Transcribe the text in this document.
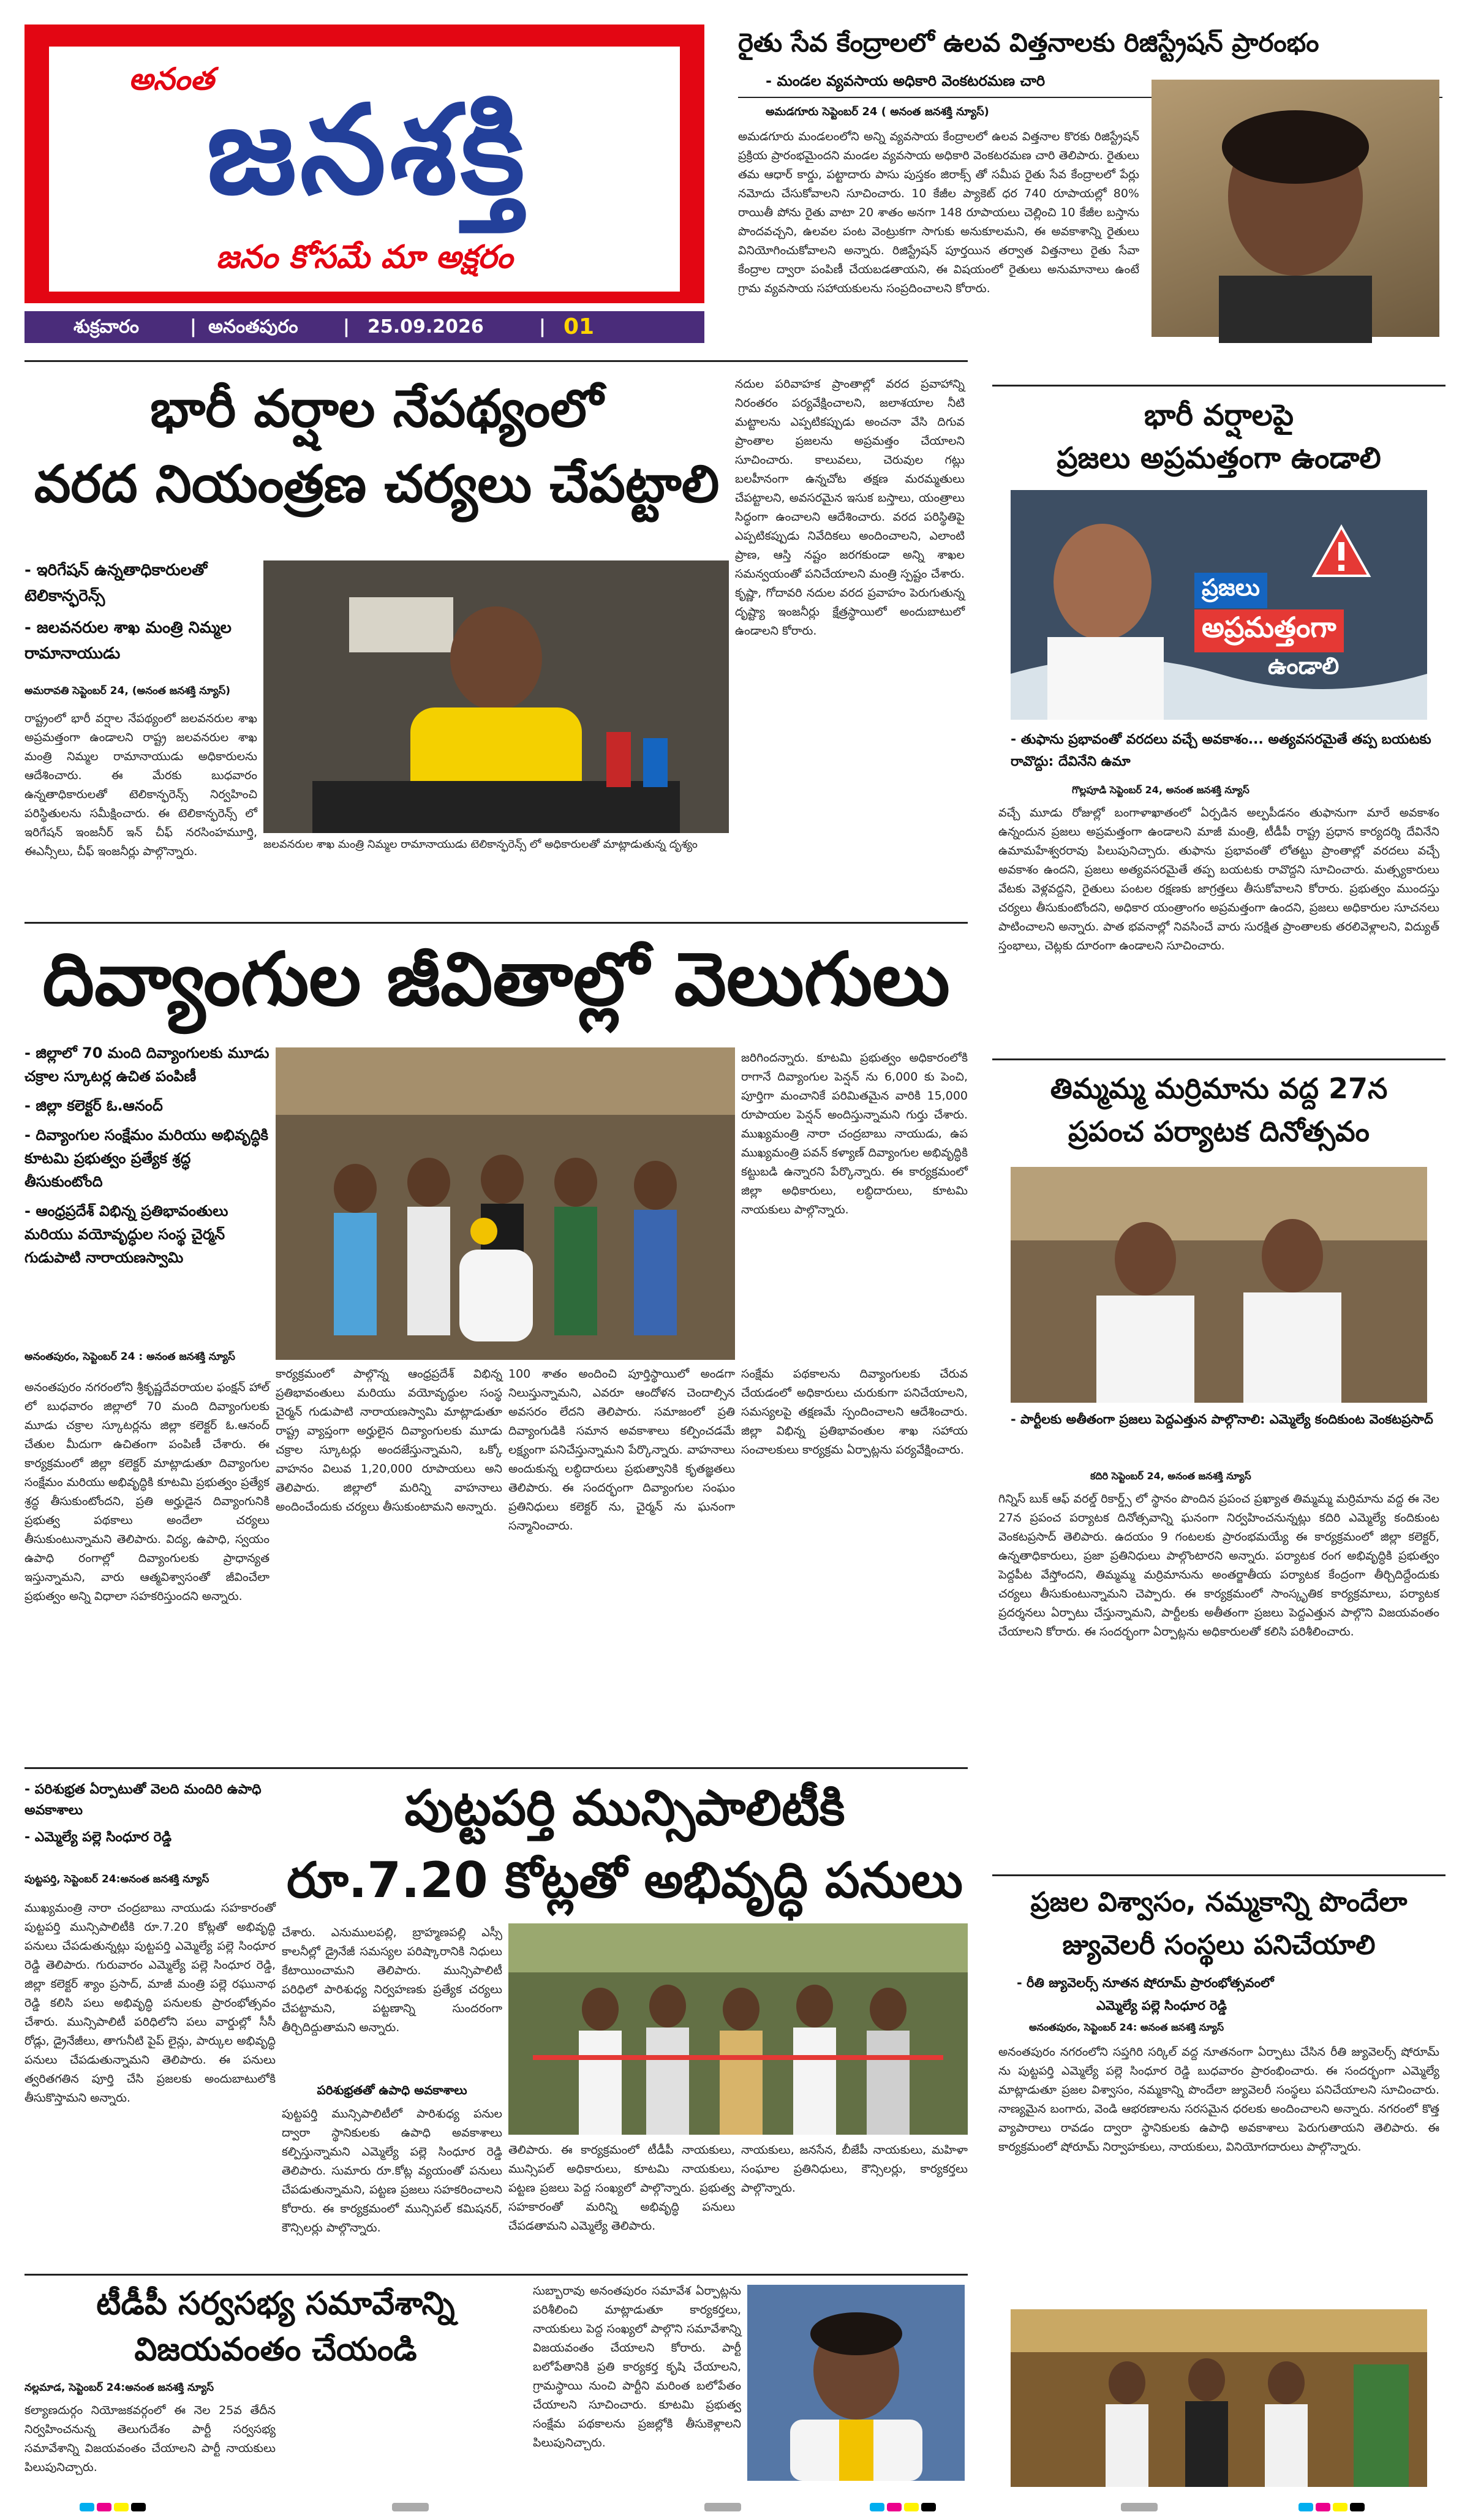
అనంత
జనశక్తి
జనం కోసమే మా అక్షరం
శుక్రవారం	| అనంతపురం | 25.09.2026	| 01
రైతు సేవ కేంద్రాలలో ఉలవ విత్తనాలకు రిజిస్ట్రేషన్ ప్రారంభం
- మండల వ్యవసాయ అధికారి వెంకటరమణ చారి
అమడగూరు సెప్టెంబర్ 24 ( అనంత జనశక్తి న్యూస్)
అమడగూరు మండలంలోని అన్ని వ్యవసాయ కేంద్రాలలో ఉలవ విత్తనాల కొరకు రిజిస్ట్రేషన్ ప్రక్రియ ప్రారంభమైందని మండల వ్యవసాయ అధికారి వెంకటరమణ చారి తెలిపారు. రైతులు తమ ఆధార్ కార్డు, పట్టాదారు పాసు పుస్తకం జిరాక్స్ తో సమీప రైతు సేవ కేంద్రాలలో పేర్లు నమోదు చేసుకోవాలని సూచించారు. 10 కేజీల ప్యాకెట్ ధర 740 రూపాయల్లో 80% రాయితీ పోను రైతు వాటా 20 శాతం అనగా 148 రూపాయలు చెల్లించి 10 కేజీల బస్తాను పొందవచ్చని, ఉలవల పంట వెంట్రుకగా సాగుకు అనుకూలమని, ఈ అవకాశాన్ని రైతులు వినియోగించుకోవాలని అన్నారు. రిజిస్ట్రేషన్ పూర్తయిన తర్వాత విత్తనాలు రైతు సేవా కేంద్రాల ద్వారా పంపిణీ చేయబడతాయని, ఈ విషయంలో రైతులు అనుమానాలు ఉంటే గ్రామ వ్యవసాయ సహాయకులను సంప్రదించాలని కోరారు.
భారీ వర్షాల నేపథ్యంలో
వరద నియంత్రణ చర్యలు చేపట్టాలి
- ఇరిగేషన్ ఉన్నతాధికారులతో టెలికాన్ఫరెన్స్
- జలవనరుల శాఖ మంత్రి నిమ్మల రామానాయుడు
అమరావతి సెప్టెంబర్ 24, (అనంత జనశక్తి న్యూస్)
రాష్ట్రంలో భారీ వర్షాల నేపథ్యంలో జలవనరుల శాఖ అప్రమత్తంగా ఉండాలని రాష్ట్ర జలవనరుల శాఖ మంత్రి నిమ్మల రామానాయుడు అధికారులను ఆదేశించారు. ఈ మేరకు బుధవారం ఉన్నతాధికారులతో టెలికాన్ఫరెన్స్ నిర్వహించి పరిస్థితులను సమీక్షించారు. ఈ టెలికాన్ఫరెన్స్ లో ఇరిగేషన్ ఇంజనీర్ ఇన్ చీఫ్ నరసింహమూర్తి, ఈఎన్సీలు, చీఫ్ ఇంజనీర్లు పాల్గొన్నారు.
జలవనరుల శాఖ మంత్రి నిమ్మల రామానాయుడు టెలికాన్ఫరెన్స్ లో అధికారులతో మాట్లాడుతున్న దృశ్యం
నదుల పరివాహక ప్రాంతాల్లో వరద ప్రవాహాన్ని నిరంతరం పర్యవేక్షించాలని, జలాశయాల నీటి మట్టాలను ఎప్పటికప్పుడు అంచనా వేసి దిగువ ప్రాంతాల ప్రజలను అప్రమత్తం చేయాలని సూచించారు. కాలువలు, చెరువుల గట్లు బలహీనంగా ఉన్నచోట తక్షణ మరమ్మతులు చేపట్టాలని, అవసరమైన ఇసుక బస్తాలు, యంత్రాలు సిద్ధంగా ఉంచాలని ఆదేశించారు. వరద పరిస్థితిపై ఎప్పటికప్పుడు నివేదికలు అందించాలని, ఎలాంటి ప్రాణ, ఆస్తి నష్టం జరగకుండా అన్ని శాఖల సమన్వయంతో పనిచేయాలని మంత్రి స్పష్టం చేశారు. కృష్ణా, గోదావరి నదుల వరద ప్రవాహం పెరుగుతున్న దృష్ట్యా ఇంజనీర్లు క్షేత్రస్థాయిలో అందుబాటులో ఉండాలని కోరారు.
దివ్యాంగుల జీవితాల్లో వెలుగులు
- జిల్లాలో 70 మంది దివ్యాంగులకు మూడు చక్రాల స్కూటర్ల ఉచిత పంపిణీ
- జిల్లా కలెక్టర్ ఓ.ఆనంద్
- దివ్యాంగుల సంక్షేమం మరియు అభివృద్ధికి కూటమి ప్రభుత్వం ప్రత్యేక శ్రద్ధ తీసుకుంటోంది
- ఆంధ్రప్రదేశ్ విభిన్న ప్రతిభావంతులు మరియు వయోవృద్ధుల సంస్థ చైర్మన్ గుడుపాటి నారాయణస్వామి
అనంతపురం, సెప్టెంబర్ 24 : అనంత జనశక్తి న్యూస్
అనంతపురం నగరంలోని శ్రీకృష్ణదేవరాయల ఫంక్షన్ హాల్ లో బుధవారం జిల్లాలో 70 మంది దివ్యాంగులకు మూడు చక్రాల స్కూటర్లను జిల్లా కలెక్టర్ ఓ.ఆనంద్ చేతుల మీదుగా ఉచితంగా పంపిణీ చేశారు. ఈ కార్యక్రమంలో జిల్లా కలెక్టర్ మాట్లాడుతూ దివ్యాంగుల సంక్షేమం మరియు అభివృద్ధికి కూటమి ప్రభుత్వం ప్రత్యేక శ్రద్ధ తీసుకుంటోందని, ప్రతి అర్హుడైన దివ్యాంగునికి ప్రభుత్వ పథకాలు అందేలా చర్యలు తీసుకుంటున్నామని తెలిపారు. విద్య, ఉపాధి, స్వయం ఉపాధి రంగాల్లో దివ్యాంగులకు ప్రాధాన్యత ఇస్తున్నామని, వారు ఆత్మవిశ్వాసంతో జీవించేలా ప్రభుత్వం అన్ని విధాలా సహకరిస్తుందని అన్నారు.
కార్యక్రమంలో పాల్గొన్న ఆంధ్రప్రదేశ్ విభిన్న ప్రతిభావంతులు మరియు వయోవృద్ధుల సంస్థ చైర్మన్ గుడుపాటి నారాయణస్వామి మాట్లాడుతూ రాష్ట్ర వ్యాప్తంగా అర్హులైన దివ్యాంగులకు మూడు చక్రాల స్కూటర్లు అందజేస్తున్నామని, ఒక్కో వాహనం విలువ 1,20,000 రూపాయలు అని తెలిపారు. జిల్లాలో మరిన్ని వాహనాలు అందించేందుకు చర్యలు తీసుకుంటామని అన్నారు.
జరిగిందన్నారు. కూటమి ప్రభుత్వం అధికారంలోకి రాగానే దివ్యాంగుల పెన్షన్ ను 6,000 కు పెంచి, పూర్తిగా మంచానికే పరిమితమైన వారికి 15,000 రూపాయల పెన్షన్ అందిస్తున్నామని గుర్తు చేశారు. ముఖ్యమంత్రి నారా చంద్రబాబు నాయుడు, ఉప ముఖ్యమంత్రి పవన్ కళ్యాణ్ దివ్యాంగుల అభివృద్ధికి కట్టుబడి ఉన్నారని పేర్కొన్నారు. ఈ కార్యక్రమంలో జిల్లా అధికారులు, లబ్ధిదారులు, కూటమి నాయకులు పాల్గొన్నారు.
100 శాతం అందించి పూర్తిస్థాయిలో అండగా నిలుస్తున్నామని, ఎవరూ ఆందోళన చెందాల్సిన అవసరం లేదని తెలిపారు. సమాజంలో ప్రతి దివ్యాంగుడికి సమాన అవకాశాలు కల్పించడమే లక్ష్యంగా పనిచేస్తున్నామని పేర్కొన్నారు. వాహనాలు అందుకున్న లబ్ధిదారులు ప్రభుత్వానికి కృతజ్ఞతలు తెలిపారు. ఈ సందర్భంగా దివ్యాంగుల సంఘం ప్రతినిధులు కలెక్టర్ ను, చైర్మన్ ను ఘనంగా సన్మానించారు.
సంక్షేమ పథకాలను దివ్యాంగులకు చేరువ చేయడంలో అధికారులు చురుకుగా పనిచేయాలని, సమస్యలపై తక్షణమే స్పందించాలని ఆదేశించారు. జిల్లా విభిన్న ప్రతిభావంతుల శాఖ సహాయ సంచాలకులు కార్యక్రమ ఏర్పాట్లను పర్యవేక్షించారు.
- పరిశుభ్రత ఏర్పాటుతో వెలది మందిరి ఉపాధి అవకాశాలు
- ఎమ్మెల్యే పల్లె సింధూర రెడ్డి
పుట్టపర్తి మున్సిపాలిటీకి
రూ.7.20 కోట్లతో అభివృద్ధి పనులు
పుట్టపర్తి, సెప్టెంబర్ 24:అనంత జనశక్తి న్యూస్
ముఖ్యమంత్రి నారా చంద్రబాబు నాయుడు సహకారంతో పుట్టపర్తి మున్సిపాలిటీకి రూ.7.20 కోట్లతో అభివృద్ధి పనులు చేపడుతున్నట్లు పుట్టపర్తి ఎమ్మెల్యే పల్లె సింధూర రెడ్డి తెలిపారు. గురువారం ఎమ్మెల్యే పల్లె సింధూర రెడ్డి, జిల్లా కలెక్టర్ శ్యాం ప్రసాద్, మాజీ మంత్రి పల్లె రఘునాథ రెడ్డి కలిసి పలు అభివృద్ధి పనులకు ప్రారంభోత్సవం చేశారు. మున్సిపాలిటీ పరిధిలోని పలు వార్డుల్లో సీసీ రోడ్లు, డ్రైనేజీలు, తాగునీటి పైప్ లైన్లు, పార్కుల అభివృద్ధి పనులు చేపడుతున్నామని తెలిపారు. ఈ పనులు త్వరితగతిన పూర్తి చేసి ప్రజలకు అందుబాటులోకి తీసుకొస్తామని అన్నారు.
చేశారు. ఎనుములపల్లి, బ్రాహ్మణపల్లి ఎస్సీ కాలనీల్లో డ్రైనేజీ సమస్యల పరిష్కారానికి నిధులు కేటాయించామని తెలిపారు. మున్సిపాలిటీ పరిధిలో పారిశుధ్య నిర్వహణకు ప్రత్యేక చర్యలు చేపట్టామని, పట్టణాన్ని సుందరంగా తీర్చిదిద్దుతామని అన్నారు.
పరిశుభ్రతతో ఉపాధి అవకాశాలు
పుట్టపర్తి మున్సిపాలిటీలో పారిశుధ్య పనుల ద్వారా స్థానికులకు ఉపాధి అవకాశాలు కల్పిస్తున్నామని ఎమ్మెల్యే పల్లె సింధూర రెడ్డి తెలిపారు. సుమారు రూ.కోట్ల వ్యయంతో పనులు చేపడుతున్నామని, పట్టణ ప్రజలు సహకరించాలని కోరారు. ఈ కార్యక్రమంలో మున్సిపల్ కమిషనర్, కౌన్సిలర్లు పాల్గొన్నారు.
తెలిపారు. ఈ కార్యక్రమంలో టీడీపీ నాయకులు, మున్సిపల్ అధికారులు, కూటమి నాయకులు, పట్టణ ప్రజలు పెద్ద సంఖ్యలో పాల్గొన్నారు. ప్రభుత్వ సహకారంతో మరిన్ని అభివృద్ధి పనులు చేపడతామని ఎమ్మెల్యే తెలిపారు.
నాయకులు, జనసేన, బీజేపీ నాయకులు, మహిళా సంఘాల ప్రతినిధులు, కౌన్సిలర్లు, కార్యకర్తలు పాల్గొన్నారు.
టీడీపీ సర్వసభ్య సమావేశాన్ని
విజయవంతం చేయండి
నల్లమాడ, సెప్టెంబర్ 24:అనంత జనశక్తి న్యూస్
కల్యాణదుర్గం నియోజకవర్గంలో ఈ నెల 25వ తేదీన నిర్వహించనున్న తెలుగుదేశం పార్టీ సర్వసభ్య సమావేశాన్ని విజయవంతం చేయాలని పార్టీ నాయకులు పిలుపునిచ్చారు.
సుబ్బారావు అనంతపురం సమావేశ ఏర్పాట్లను పరిశీలించి మాట్లాడుతూ కార్యకర్తలు, నాయకులు పెద్ద సంఖ్యలో పాల్గొని సమావేశాన్ని విజయవంతం చేయాలని కోరారు. పార్టీ బలోపేతానికి ప్రతి కార్యకర్త కృషి చేయాలని, గ్రామస్థాయి నుంచి పార్టీని మరింత బలోపేతం చేయాలని సూచించారు. కూటమి ప్రభుత్వ సంక్షేమ పథకాలను ప్రజల్లోకి తీసుకెళ్లాలని పిలుపునిచ్చారు.
భారీ వర్షాలపై
ప్రజలు అప్రమత్తంగా ఉండాలి
ప్రజలు
అప్రమత్తంగా
ఉండాలి
- తుఫాను ప్రభావంతో వరదలు వచ్చే అవకాశం... అత్యవసరమైతే తప్ప బయటకు రావొద్దు: దేవినేని ఉమా
గొల్లపూడి సెప్టెంబర్ 24, అనంత జనశక్తి న్యూస్
వచ్చే మూడు రోజుల్లో బంగాళాఖాతంలో ఏర్పడిన అల్పపీడనం తుఫానుగా మారే అవకాశం ఉన్నందున ప్రజలు అప్రమత్తంగా ఉండాలని మాజీ మంత్రి, టీడీపీ రాష్ట్ర ప్రధాన కార్యదర్శి దేవినేని ఉమామహేశ్వరరావు పిలుపునిచ్చారు. తుఫాను ప్రభావంతో లోతట్టు ప్రాంతాల్లో వరదలు వచ్చే అవకాశం ఉందని, ప్రజలు అత్యవసరమైతే తప్ప బయటకు రావొద్దని సూచించారు. మత్స్యకారులు వేటకు వెళ్లవద్దని, రైతులు పంటల రక్షణకు జాగ్రత్తలు తీసుకోవాలని కోరారు. ప్రభుత్వం ముందస్తు చర్యలు తీసుకుంటోందని, అధికార యంత్రాంగం అప్రమత్తంగా ఉందని, ప్రజలు అధికారుల సూచనలు పాటించాలని అన్నారు. పాత భవనాల్లో నివసించే వారు సురక్షిత ప్రాంతాలకు తరలివెళ్లాలని, విద్యుత్ స్తంభాలు, చెట్లకు దూరంగా ఉండాలని సూచించారు.
తిమ్మమ్మ మర్రిమాను వద్ద 27న
ప్రపంచ పర్యాటక దినోత్సవం
- పార్టీలకు అతీతంగా ప్రజలు పెద్దఎత్తున పాల్గొనాలి: ఎమ్మెల్యే కందికుంట వెంకటప్రసాద్
కదిరి సెప్టెంబర్ 24, అనంత జనశక్తి న్యూస్
గిన్నిస్ బుక్ ఆఫ్ వరల్డ్ రికార్డ్స్ లో స్థానం పొందిన ప్రపంచ ప్రఖ్యాత తిమ్మమ్మ మర్రిమాను వద్ద ఈ నెల 27న ప్రపంచ పర్యాటక దినోత్సవాన్ని ఘనంగా నిర్వహించనున్నట్లు కదిరి ఎమ్మెల్యే కందికుంట వెంకటప్రసాద్ తెలిపారు. ఉదయం 9 గంటలకు ప్రారంభమయ్యే ఈ కార్యక్రమంలో జిల్లా కలెక్టర్, ఉన్నతాధికారులు, ప్రజా ప్రతినిధులు పాల్గొంటారని అన్నారు. పర్యాటక రంగ అభివృద్ధికి ప్రభుత్వం పెద్దపీట వేస్తోందని, తిమ్మమ్మ మర్రిమానును అంతర్జాతీయ పర్యాటక కేంద్రంగా తీర్చిదిద్దేందుకు చర్యలు తీసుకుంటున్నామని చెప్పారు. ఈ కార్యక్రమంలో సాంస్కృతిక కార్యక్రమాలు, పర్యాటక ప్రదర్శనలు ఏర్పాటు చేస్తున్నామని, పార్టీలకు అతీతంగా ప్రజలు పెద్దఎత్తున పాల్గొని విజయవంతం చేయాలని కోరారు. ఈ సందర్భంగా ఏర్పాట్లను అధికారులతో కలిసి పరిశీలించారు.
ప్రజల విశ్వాసం, నమ్మకాన్ని పొందేలా
జ్యువెలరీ సంస్థలు పనిచేయాలి
- రీతి జ్యువెలర్స్ నూతన షోరూమ్ ప్రారంభోత్సవంలో
ఎమ్మెల్యే పల్లె సింధూర రెడ్డి
అనంతపురం, సెప్టెంబర్ 24: అనంత జనశక్తి న్యూస్
అనంతపురం నగరంలోని సప్తగిరి సర్కిల్ వద్ద నూతనంగా ఏర్పాటు చేసిన రీతి జ్యువెలర్స్ షోరూమ్ ను పుట్టపర్తి ఎమ్మెల్యే పల్లె సింధూర రెడ్డి బుధవారం ప్రారంభించారు. ఈ సందర్భంగా ఎమ్మెల్యే మాట్లాడుతూ ప్రజల విశ్వాసం, నమ్మకాన్ని పొందేలా జ్యువెలరీ సంస్థలు పనిచేయాలని సూచించారు. నాణ్యమైన బంగారు, వెండి ఆభరణాలను సరసమైన ధరలకు అందించాలని అన్నారు. నగరంలో కొత్త వ్యాపారాలు రావడం ద్వారా స్థానికులకు ఉపాధి అవకాశాలు పెరుగుతాయని తెలిపారు. ఈ కార్యక్రమంలో షోరూమ్ నిర్వాహకులు, నాయకులు, వినియోగదారులు పాల్గొన్నారు.
